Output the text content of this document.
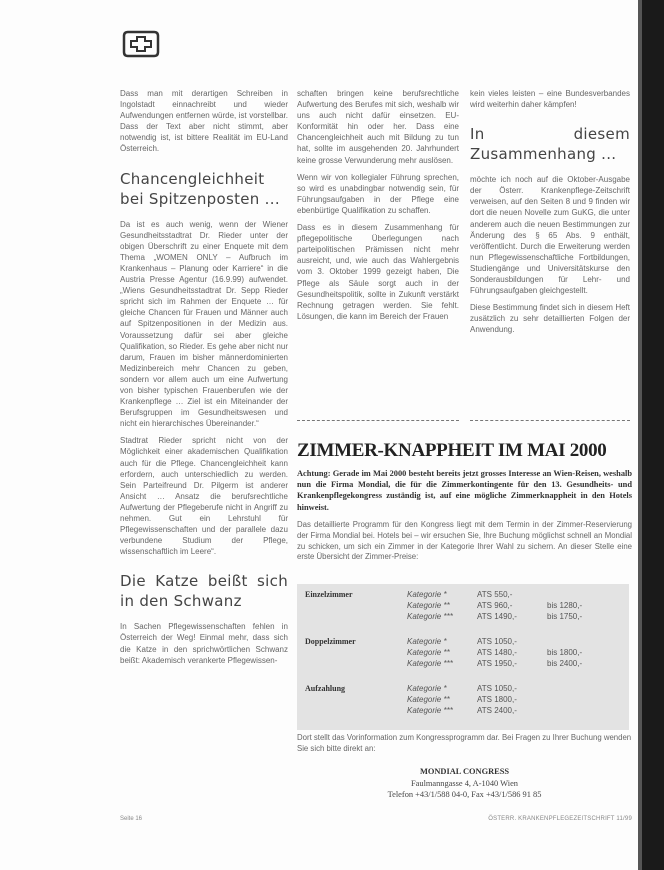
Dass man mit derartigen Schreiben in Ingolstadt einnachreibt und wieder Aufwendungen entfernen würde, ist vorstellbar. Dass der Text aber nicht stimmt, aber notwendig ist, ist bittere Realität im EU-Land Österreich.

Chancengleichheit bei Spitzenposten ...

Da ist es auch wenig, wenn der Wiener Gesundheitsstadtrat Dr. Rieder unter der obigen Überschrift zu einer Enquete mit dem Thema „WOMEN ONLY – Aufbruch im Krankenhaus – Planung oder Karriere“ in die Austria Presse Agentur (16.9.99) aufwendet. „Wiens Gesundheitsstadtrat Dr. Sepp Rieder spricht sich im Rahmen der Enquete … für gleiche Chancen für Frauen und Männer auch auf Spitzenpositionen in der Medizin aus. Voraussetzung dafür sei aber gleiche Qualifikation, so Rieder. Es gehe aber nicht nur darum, Frauen im bisher männerdominierten Medizinbereich mehr Chancen zu geben, sondern vor allem auch um eine Aufwertung von bisher typischen Frauenberufen wie der Krankenpflege … Ziel ist ein Miteinander der Berufsgruppen im Gesundheitswesen und nicht ein hierarchisches Übereinander.“

Stadtrat Rieder spricht nicht von der Möglichkeit einer akademischen Qualifikation auch für die Pflege. Chancengleichheit kann erfordern, auch unterschiedlich zu werden. Sein Parteifreund Dr. Pilgerm ist anderer Ansicht … Ansatz die berufsrechtliche Aufwertung der Pflegeberufe nicht in Angriff zu nehmen. Gut ein Lehrstuhl für Pflegewissenschaften und der parallele dazu verbundene Studium der Pflege, wissenschaftlich im Leere“.

Die Katze beißt sich in den Schwanz

In Sachen Pflegewissenschaften fehlen in Österreich der Weg! Einmal mehr, dass sich die Katze in den sprichwörtlichen Schwanz beißt: Akademisch verankerte Pflegewissen-

schaften bringen keine berufsrechtliche Aufwertung des Berufes mit sich, weshalb wir uns auch nicht dafür einsetzen. EU-Konformität hin oder her. Dass eine Chancengleichheit auch mit Bildung zu tun hat, sollte im ausgehenden 20. Jahrhundert keine grosse Verwunderung mehr auslösen.

Wenn wir von kollegialer Führung sprechen, so wird es unabdingbar notwendig sein, für Führungsaufgaben in der Pflege eine ebenbürtige Qualifikation zu schaffen.

Dass es in diesem Zusammenhang für pflegepolitische Überlegungen nach parteipolitischen Prämissen nicht mehr ausreicht, und, wie auch das Wahlergebnis vom 3. Oktober 1999 gezeigt haben, Die Pflege als Säule sorgt auch in der Gesundheitspolitik, sollte in Zukunft verstärkt Rechnung getragen werden. Sie fehlt. Lösungen, die kann im Bereich der Frauen

kein vieles leisten – eine Bundesverbandes wird weiterhin daher kämpfen!

In diesem Zusammenhang ...

möchte ich noch auf die Oktober-Ausgabe der Österr. Krankenpflege-Zeitschrift verweisen, auf den Seiten 8 und 9 finden wir dort die neuen Novelle zum GuKG, die unter anderem auch die neuen Bestimmungen zur Änderung des § 65 Abs. 9 enthält, veröffentlicht. Durch die Erweiterung werden nun Pflegewissenschaftliche Fortbildungen, Studiengänge und Universitätskurse den Sonderausbildungen für Lehr- und Führungsaufgaben gleichgestellt.

Diese Bestimmung findet sich in diesem Heft zusätzlich zu sehr detaillierten Folgen der Anwendung.

ZIMMER-KNAPPHEIT IM MAI 2000
Achtung: Gerade im Mai 2000 besteht bereits jetzt grosses Interesse an Wien-Reisen, weshalb nun die Firma Mondial, die für die Zimmerkontingente für den 13. Gesundheits- und Krankenpflegekongress zuständig ist, auf eine mögliche Zimmerknappheit in den Hotels hinweist.
Das detaillierte Programm für den Kongress liegt mit dem Termin in der Zimmer-Reservierung der Firma Mondial bei. Hotels bei – wir ersuchen Sie, Ihre Buchung möglichst schnell an Mondial zu schicken, um sich ein Zimmer in der Kategorie Ihrer Wahl zu sichern. An dieser Stelle eine erste Übersicht der Zimmer-Preise:
Einzelzimmer	Kategorie *	ATS 550,-
Kategorie **	ATS 960,-	bis 1280,-
Kategorie ***	ATS 1490,-	bis 1750,-
Doppelzimmer	Kategorie *	ATS 1050,-
Kategorie **	ATS 1480,-	bis 1800,-
Kategorie ***	ATS 1950,-	bis 2400,-
Aufzahlung	Kategorie *	ATS 1050,-
Kategorie **	ATS 1800,-
Kategorie ***	ATS 2400,-
Dort stellt das Vorinformation zum Kongressprogramm dar. Bei Fragen zu Ihrer Buchung wenden Sie sich bitte direkt an:
MONDIAL CONGRESS
Faulmanngasse 4, A-1040 Wien
Telefon +43/1/588 04-0, Fax +43/1/586 91 85
Seite 16	ÖSTERR. KRANKENPFLEGEZEITSCHRIFT 11/99
